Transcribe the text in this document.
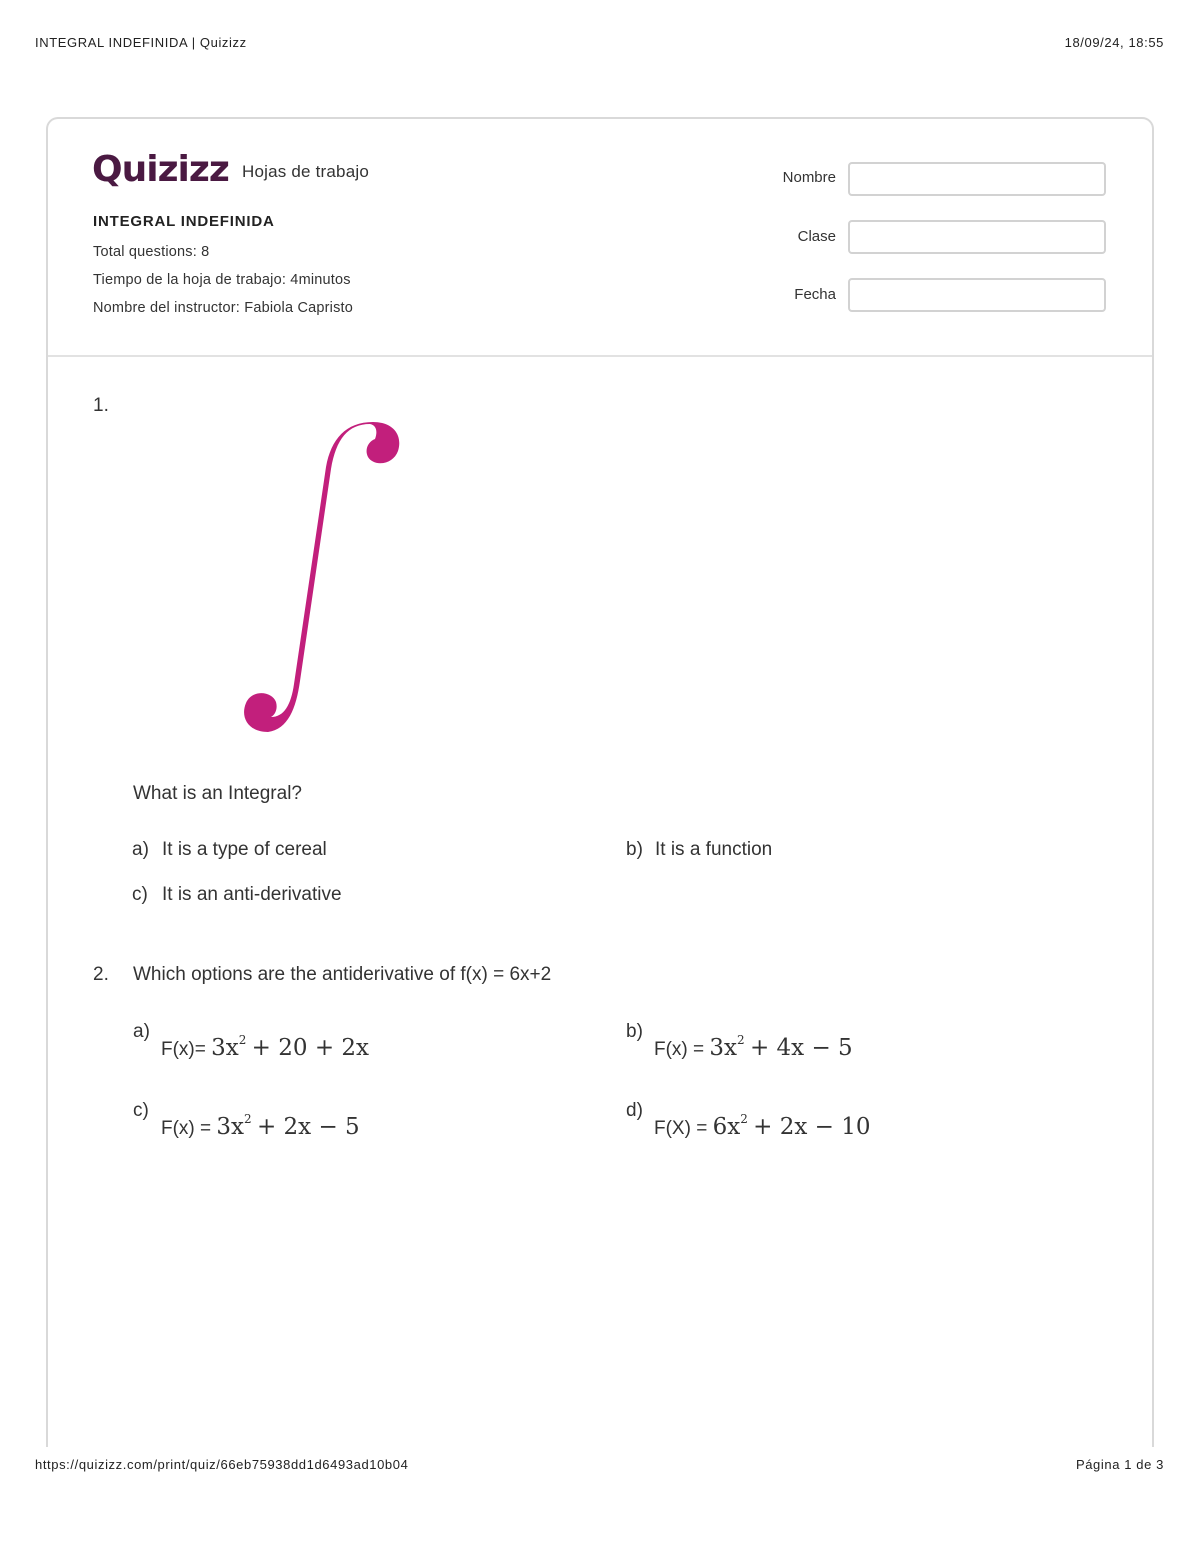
INTEGRAL INDEFINIDA | Quizizz	18/09/24, 18:55
Quizizz Hojas de trabajo
INTEGRAL INDEFINIDA
Total questions: 8
Tiempo de la hoja de trabajo: 4minutos
Nombre del instructor: Fabiola Capristo
Nombre
Clase
Fecha
1.
What is an Integral?
a) It is a type of cereal	b) It is a function
c) It is an anti-derivative
2. Which options are the antiderivative of f(x) = 6x+2
a)
$F(x)= 3x^2 + 20 + 2x$
b)
$F(x) = 3x^2 + 4x - 5$
c)
$F(x) = 3x^2 + 2x - 5$
d)
$F(X) = 6x^2 + 2x - 10$
https://quizizz.com/print/quiz/66eb75938dd1d6493ad10b04	Página 1 de 3
